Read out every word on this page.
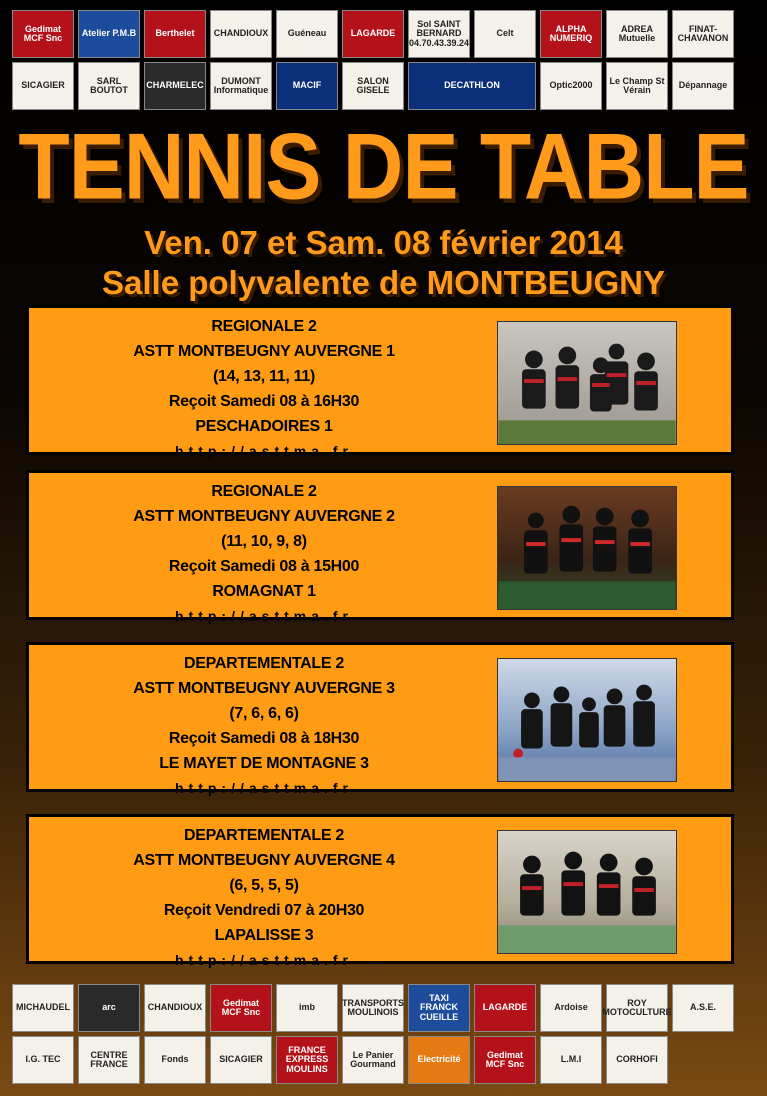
Gedimat MCF Snc	Atelier P.M.B	Berthelet	CHANDIOUX	Guéneau	LAGARDE
Sol SAINT BERNARD 04.70.43.39.24
Celt	ALPHA NUMERIQ
ADREA Mutuelle
FINAT-CHAVANON
SICAGIER	SARL BOUTOT	CHARMELEC	DUMONT Informatique	MACIF	SALON GISELE	DECATHLON	Optic2000	Le Champ St Vérain	Dépannage
TENNIS DE TABLE
Ven. 07 et Sam. 08 février 2014
Salle polyvalente de MONTBEUGNY
REGIONALE 2
ASTT MONTBEUGNY AUVERGNE 1
(14, 13, 11, 11)
Reçoit Samedi 08 à 16H30
PESCHADOIRES 1
http://asttma.fr
REGIONALE 2
ASTT MONTBEUGNY AUVERGNE 2
(11, 10, 9, 8)
Reçoit Samedi 08 à 15H00
ROMAGNAT 1
http://asttma.fr
DEPARTEMENTALE 2
ASTT MONTBEUGNY AUVERGNE 3
(7, 6, 6, 6)
Reçoit Samedi 08 à 18H30
LE MAYET DE MONTAGNE 3
http://asttma.fr
DEPARTEMENTALE 2
ASTT MONTBEUGNY AUVERGNE 4
(6, 5, 5, 5)
Reçoit Vendredi 07 à 20H30
LAPALISSE 3
http://asttma.fr
MICHAUDEL	arc	CHANDIOUX	Gedimat MCF Snc	imb	TRANSPORTS MOULINOIS
TAXI FRANCK CUEILLE
LAGARDE	Ardoise	ROY MOTOCULTURE	A.S.E.
I.G. TEC	CENTRE FRANCE	Fonds	SICAGIER
FRANCE EXPRESS MOULINS
Le Panier Gourmand	Electricité	Gedimat MCF Snc	L.M.I	CORHOFI
